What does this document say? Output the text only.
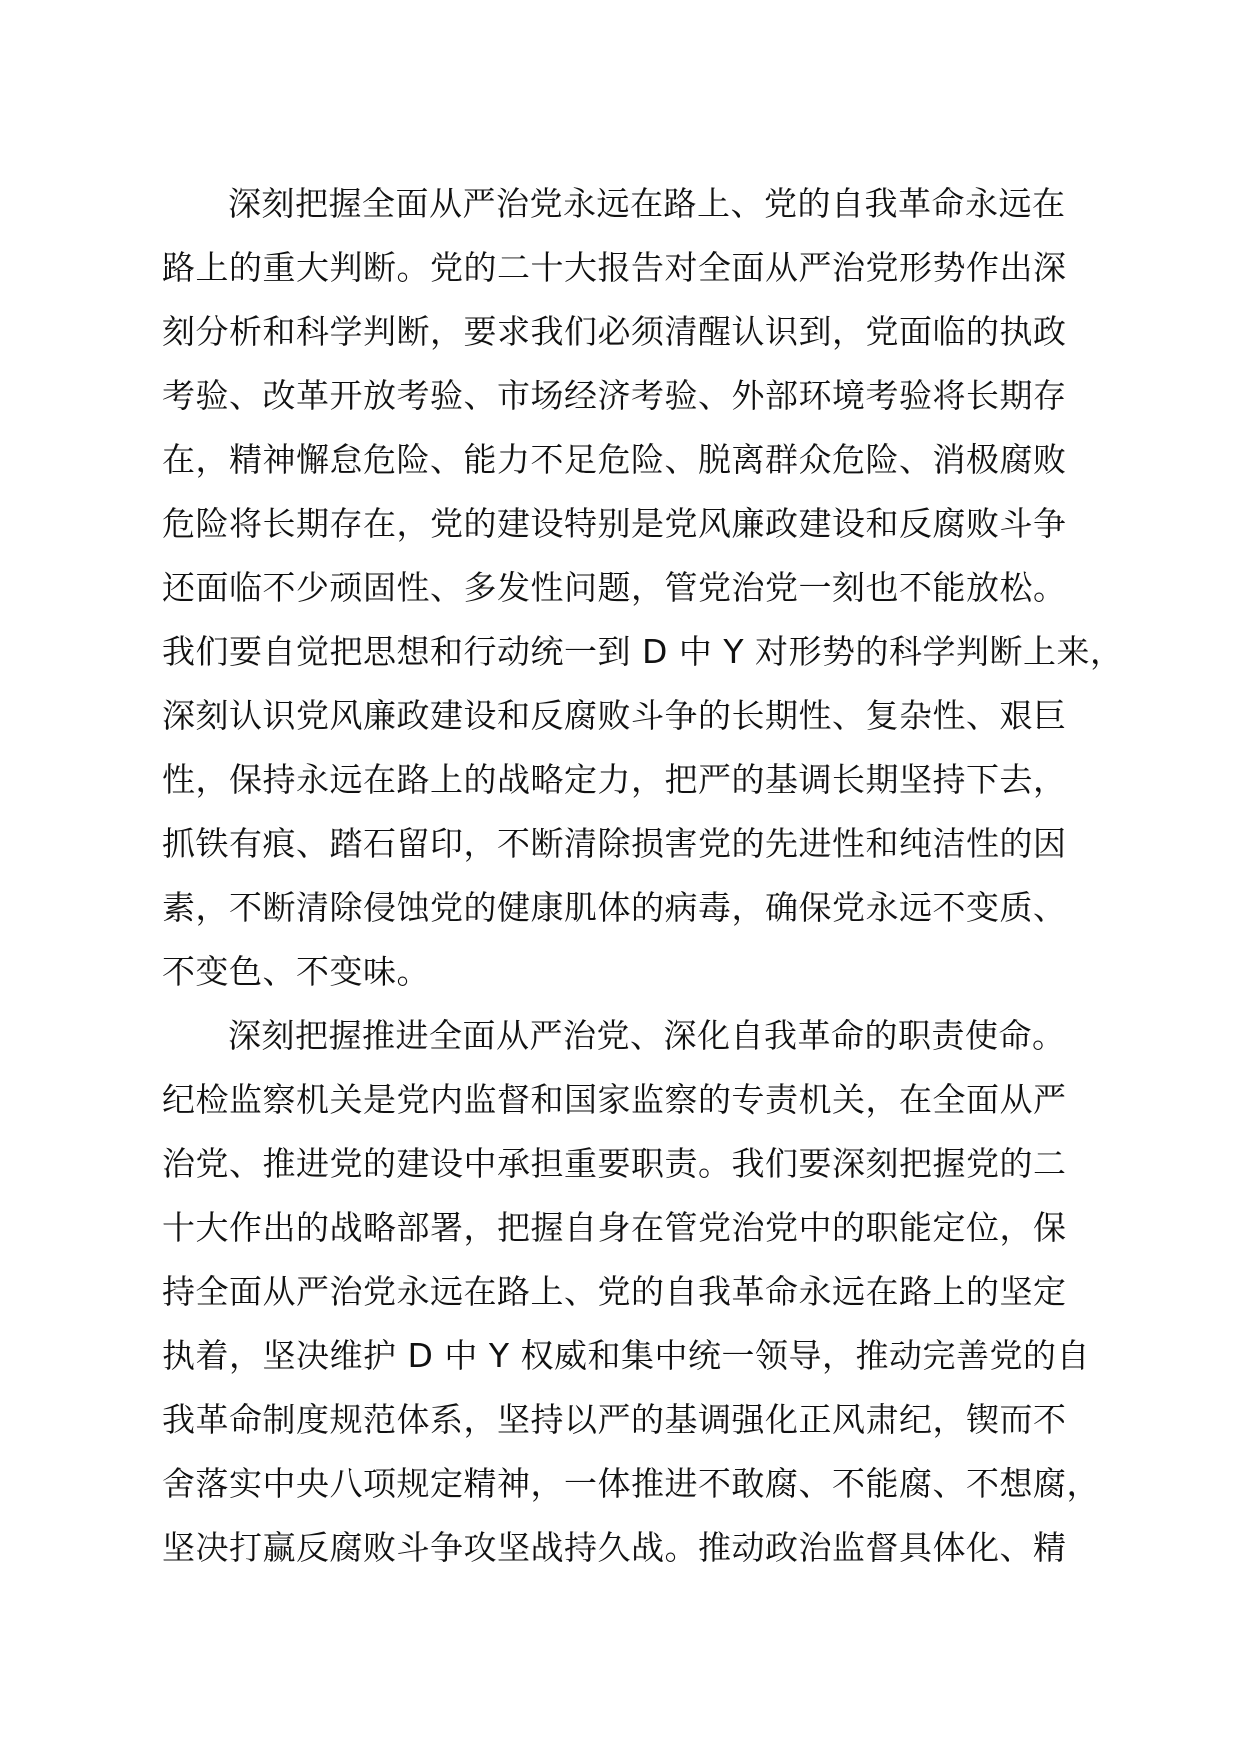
深刻把握全面从严治党永远在路上、党的自我革命永远在
路上的重大判断。党的二十大报告对全面从严治党形势作出深
刻分析和科学判断，要求我们必须清醒认识到，党面临的执政
考验、改革开放考验、市场经济考验、外部环境考验将长期存
在，精神懈怠危险、能力不足危险、脱离群众危险、消极腐败
危险将长期存在，党的建设特别是党风廉政建设和反腐败斗争
还面临不少顽固性、多发性问题，管党治党一刻也不能放松。
我们要自觉把思想和行动统一到 D 中 Y 对形势的科学判断上来，
深刻认识党风廉政建设和反腐败斗争的长期性、复杂性、艰巨
性，保持永远在路上的战略定力，把严的基调长期坚持下去，
抓铁有痕、踏石留印，不断清除损害党的先进性和纯洁性的因
素，不断清除侵蚀党的健康肌体的病毒，确保党永远不变质、
不变色、不变味。
深刻把握推进全面从严治党、深化自我革命的职责使命。
纪检监察机关是党内监督和国家监察的专责机关，在全面从严
治党、推进党的建设中承担重要职责。我们要深刻把握党的二
十大作出的战略部署，把握自身在管党治党中的职能定位，保
持全面从严治党永远在路上、党的自我革命永远在路上的坚定
执着，坚决维护 D 中 Y 权威和集中统一领导，推动完善党的自
我革命制度规范体系，坚持以严的基调强化正风肃纪，锲而不
舍落实中央八项规定精神，一体推进不敢腐、不能腐、不想腐，
坚决打赢反腐败斗争攻坚战持久战。推动政治监督具体化、精
